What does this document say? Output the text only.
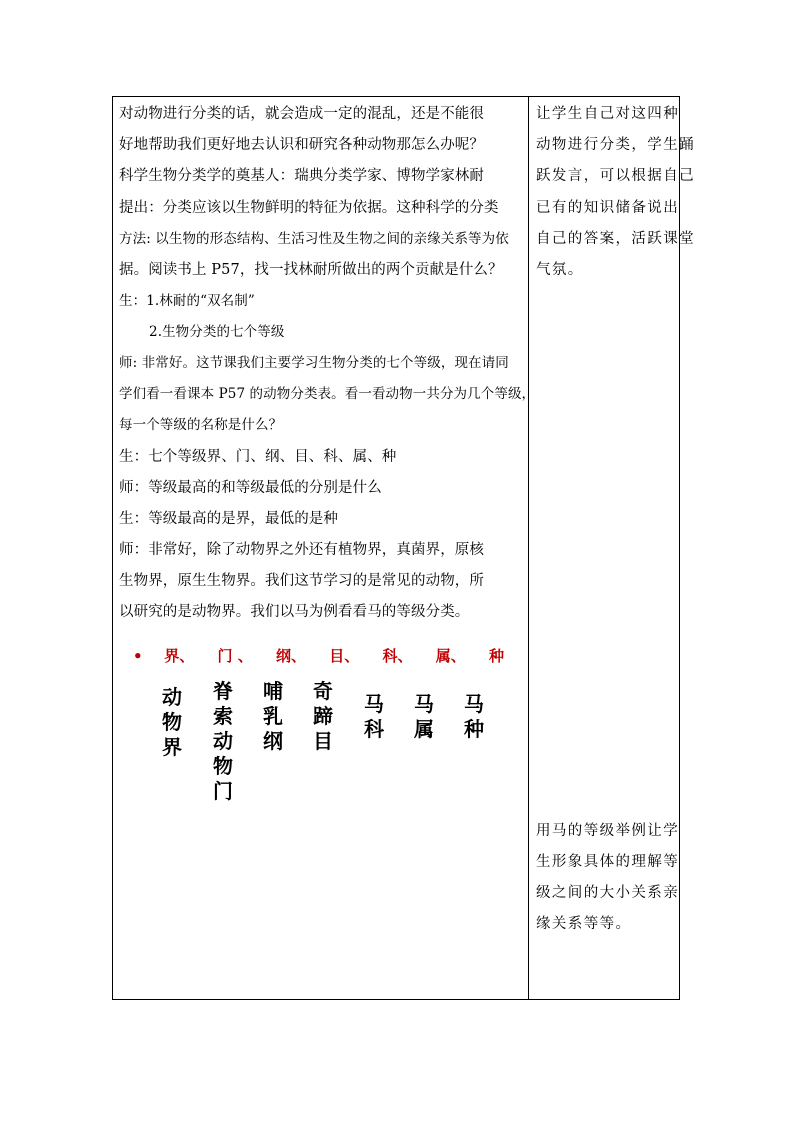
对动物进行分类的话，就会造成一定的混乱，还是不能很
好地帮助我们更好地去认识和研究各种动物那怎么办呢？
科学生物分类学的奠基人：瑞典分类学家、博物学家林耐
提出：分类应该以生物鲜明的特征为依据。这种科学的分类
方法: 以生物的形态结构、生活习性及生物之间的亲缘关系等为依
据。阅读书上 P57，找一找林耐所做出的两个贡献是什么？
生：1.林耐的“双名制”
2.生物分类的七个等级
师: 非常好。这节课我们主要学习生物分类的七个等级，现在请同
学们看一看课本 P57 的动物分类表。看一看动物一共分为几个等级，
每一个等级的名称是什么？
生：七个等级界、门、纲、目、科、属、种
师：等级最高的和等级最低的分别是什么
生：等级最高的是界，最低的是种
师：非常好，除了动物界之外还有植物界，真菌界，原核
生物界，原生生物界。我们这节学习的是常见的动物，所
以研究的是动物界。我们以马为例看看马的等级分类。
• 界、 门 、 纲、 目、 科、 属、 种
动
物
界
脊
索
动
物
门
哺
乳
纲
奇
蹄
目
马
科
马
属
马
种
让学生自己对这四种
动物进行分类，学生踊
跃发言，可以根据自己
已有的知识储备说出
自己的答案，活跃课堂
气氛。
用马的等级举例让学
生形象具体的理解等
级之间的大小关系亲
缘关系等等。
